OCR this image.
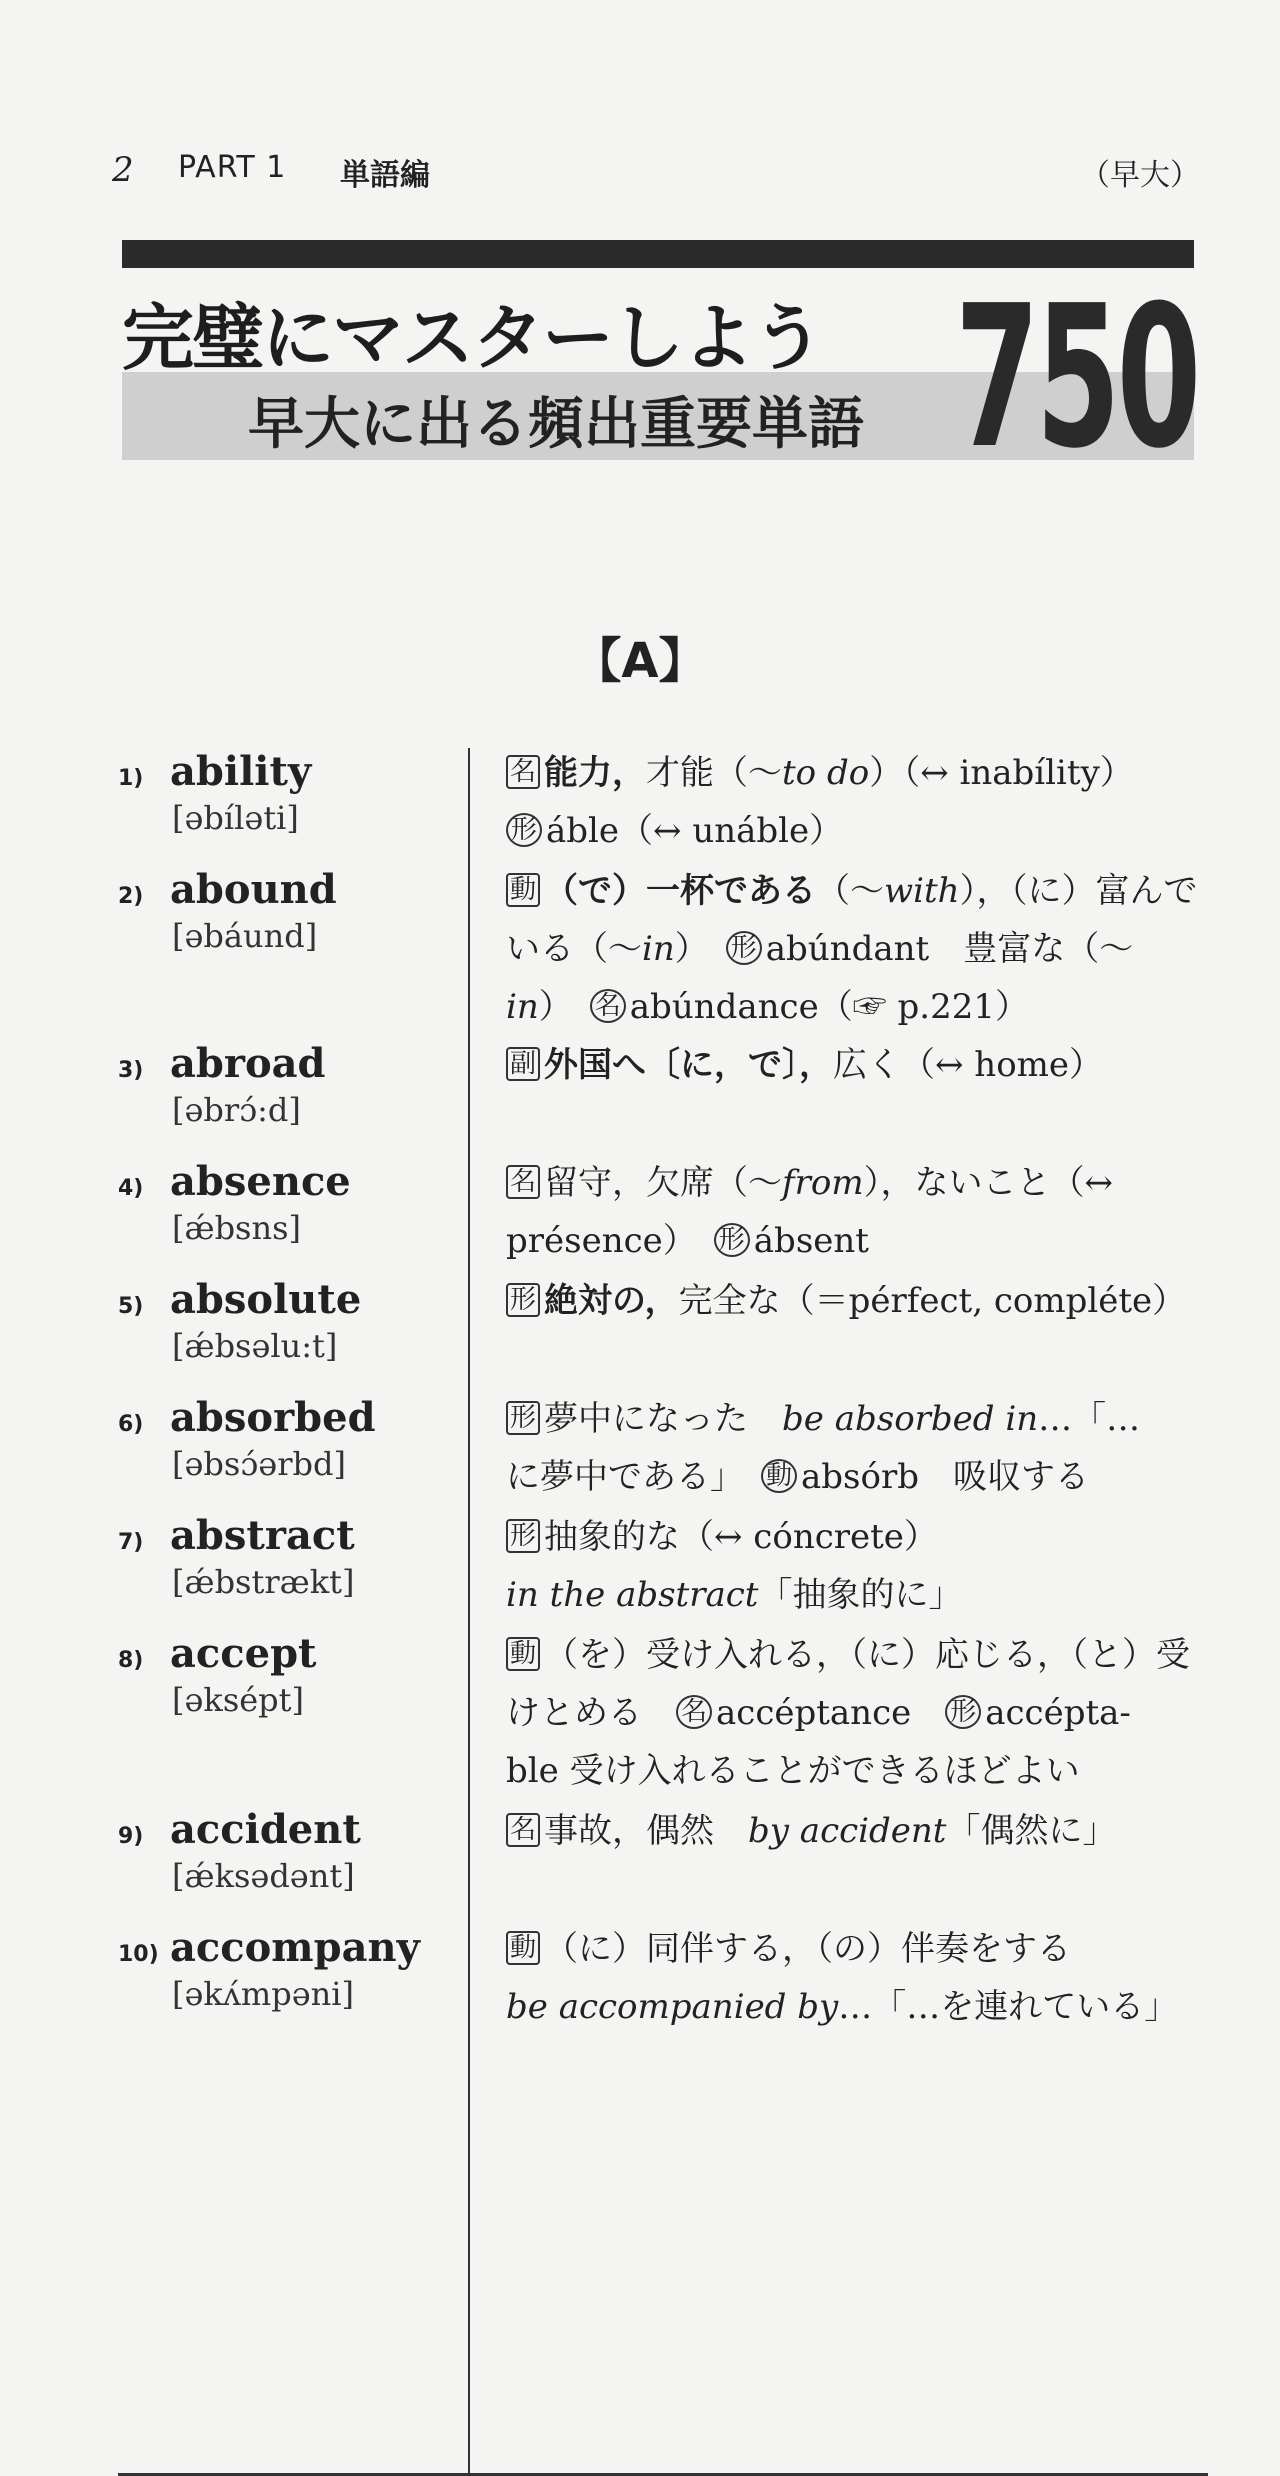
2 PART 1 単語編	（早大）
完璧にマスターしよう
早大に出る頻出重要単語 750
【A】
1) ability
[əbíləti]
2) abound
[əbáund]
3) abroad
[əbrɔ́:d]
4) absence
[ǽbsns]
5) absolute
[ǽbsəlu:t]
6) absorbed
[əbsɔ́ərbd]
7) abstract
[ǽbstrækt]
8) accept
[əksépt]
9) accident
[ǽksədənt]
10) accompany
[əkʌ́mpəni]
名 能力，才能（～to do）（↔ inabílity）
形 áble（↔ unáble）
動 （で）一杯である（～with），（に）富んで
いる（～in）　 形 abúndant　豊富な（～
in）　 名 abúndance（☞ p.221）
副 外国へ〔に，で〕，広く（↔ home）
名 留守，欠席（～from），ないこと（↔
présence）　 形 ábsent
形 絶対の，完全な（＝pérfect, compléte）
形 夢中になった　be absorbed in…「…
に夢中である」　 動 absórb　吸収する
形 抽象的な（↔ cóncrete）
in the abstract「抽象的に」
動 （を）受け入れる，（に）応じる，（と）受
けとめる　 名 accéptance　 形 accépta-
ble 受け入れることができるほどよい
名 事故，偶然　by accident「偶然に」
動 （に）同伴する，（の）伴奏をする
be accompanied by…「…を連れている」
